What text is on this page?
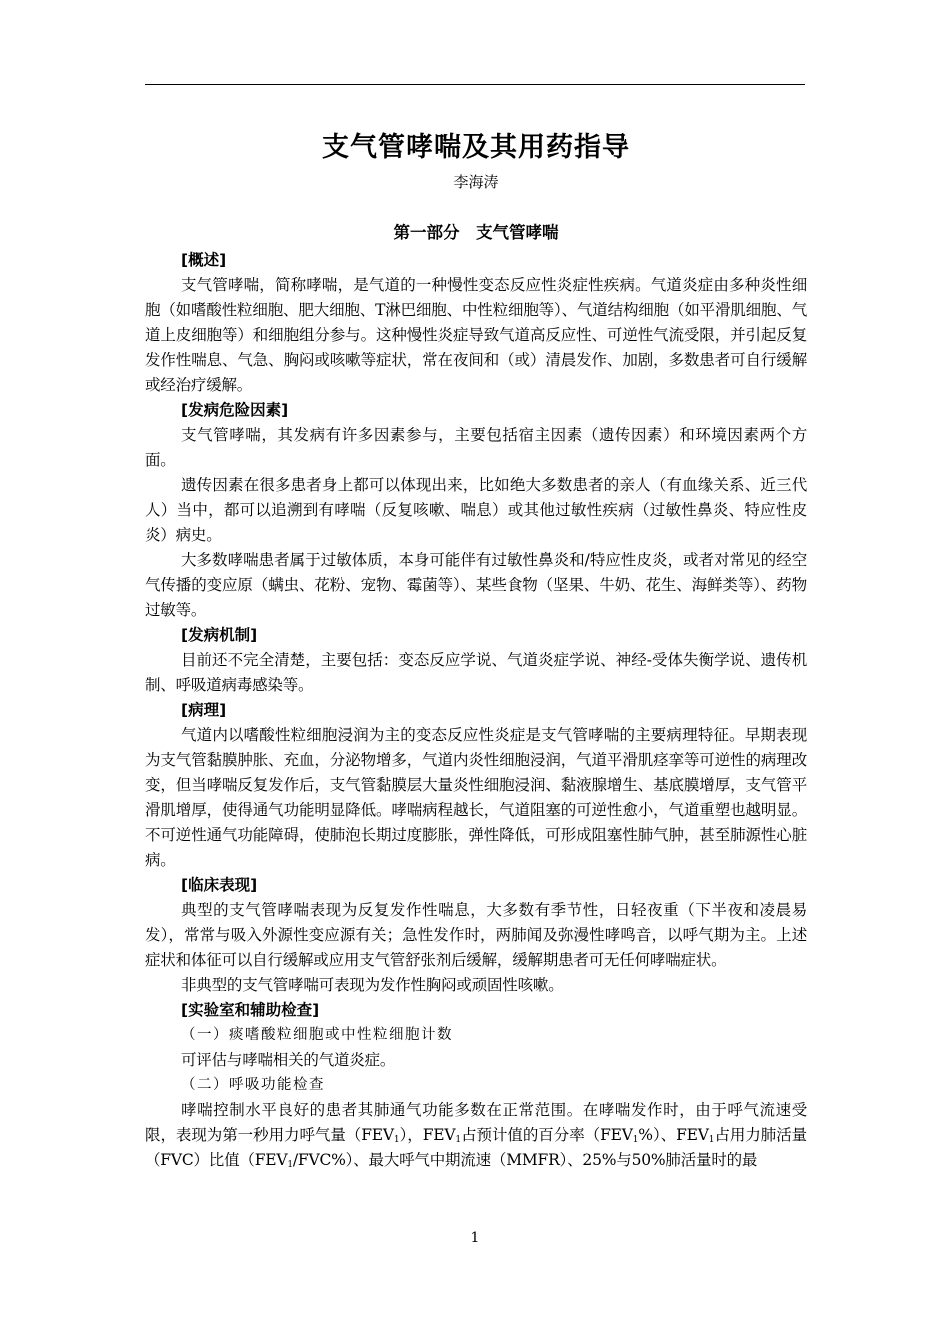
支气管哮喘及其用药指导

李海涛

第一部分　支气管哮喘

[概述]

支气管哮喘，简称哮喘，是气道的一种慢性变态反应性炎症性疾病。气道炎症由多种炎性细胞（如嗜酸性粒细胞、肥大细胞、T淋巴细胞、中性粒细胞等）、气道结构细胞（如平滑肌细胞、气道上皮细胞等）和细胞组分参与。这种慢性炎症导致气道高反应性、可逆性气流受限，并引起反复发作性喘息、气急、胸闷或咳嗽等症状，常在夜间和（或）清晨发作、加剧，多数患者可自行缓解或经治疗缓解。

[发病危险因素]

支气管哮喘，其发病有许多因素参与，主要包括宿主因素（遗传因素）和环境因素两个方面。

遗传因素在很多患者身上都可以体现出来，比如绝大多数患者的亲人（有血缘关系、近三代人）当中，都可以追溯到有哮喘（反复咳嗽、喘息）或其他过敏性疾病（过敏性鼻炎、特应性皮炎）病史。

大多数哮喘患者属于过敏体质，本身可能伴有过敏性鼻炎和/特应性皮炎，或者对常见的经空气传播的变应原（螨虫、花粉、宠物、霉菌等）、某些食物（坚果、牛奶、花生、海鲜类等）、药物过敏等。

[发病机制]

目前还不完全清楚，主要包括：变态反应学说、气道炎症学说、神经-受体失衡学说、遗传机制、呼吸道病毒感染等。

[病理]

气道内以嗜酸性粒细胞浸润为主的变态反应性炎症是支气管哮喘的主要病理特征。早期表现为支气管黏膜肿胀、充血，分泌物增多，气道内炎性细胞浸润，气道平滑肌痉挛等可逆性的病理改变，但当哮喘反复发作后，支气管黏膜层大量炎性细胞浸润、黏液腺增生、基底膜增厚，支气管平滑肌增厚，使得通气功能明显降低。哮喘病程越长，气道阻塞的可逆性愈小，气道重塑也越明显。不可逆性通气功能障碍，使肺泡长期过度膨胀，弹性降低，可形成阻塞性肺气肿，甚至肺源性心脏病。

[临床表现]

典型的支气管哮喘表现为反复发作性喘息，大多数有季节性，日轻夜重（下半夜和凌晨易发），常常与吸入外源性变应源有关；急性发作时，两肺闻及弥漫性哮鸣音，以呼气期为主。上述症状和体征可以自行缓解或应用支气管舒张剂后缓解，缓解期患者可无任何哮喘症状。

非典型的支气管哮喘可表现为发作性胸闷或顽固性咳嗽。

[实验室和辅助检查]

（一）痰嗜酸粒细胞或中性粒细胞计数

可评估与哮喘相关的气道炎症。

（二）呼吸功能检查

哮喘控制水平良好的患者其肺通气功能多数在正常范围。在哮喘发作时，由于呼气流速受限，表现为第一秒用力呼气量$(FEV_1)$，$FEV_1$占预计值的百分率$(FEV_1\%)$、$FEV_1$占用力肺活量（FVC）比值$(FEV_1/FVC\%)$、最大呼气中期流速（MMFR）、25%与50%肺活量时的最

1
